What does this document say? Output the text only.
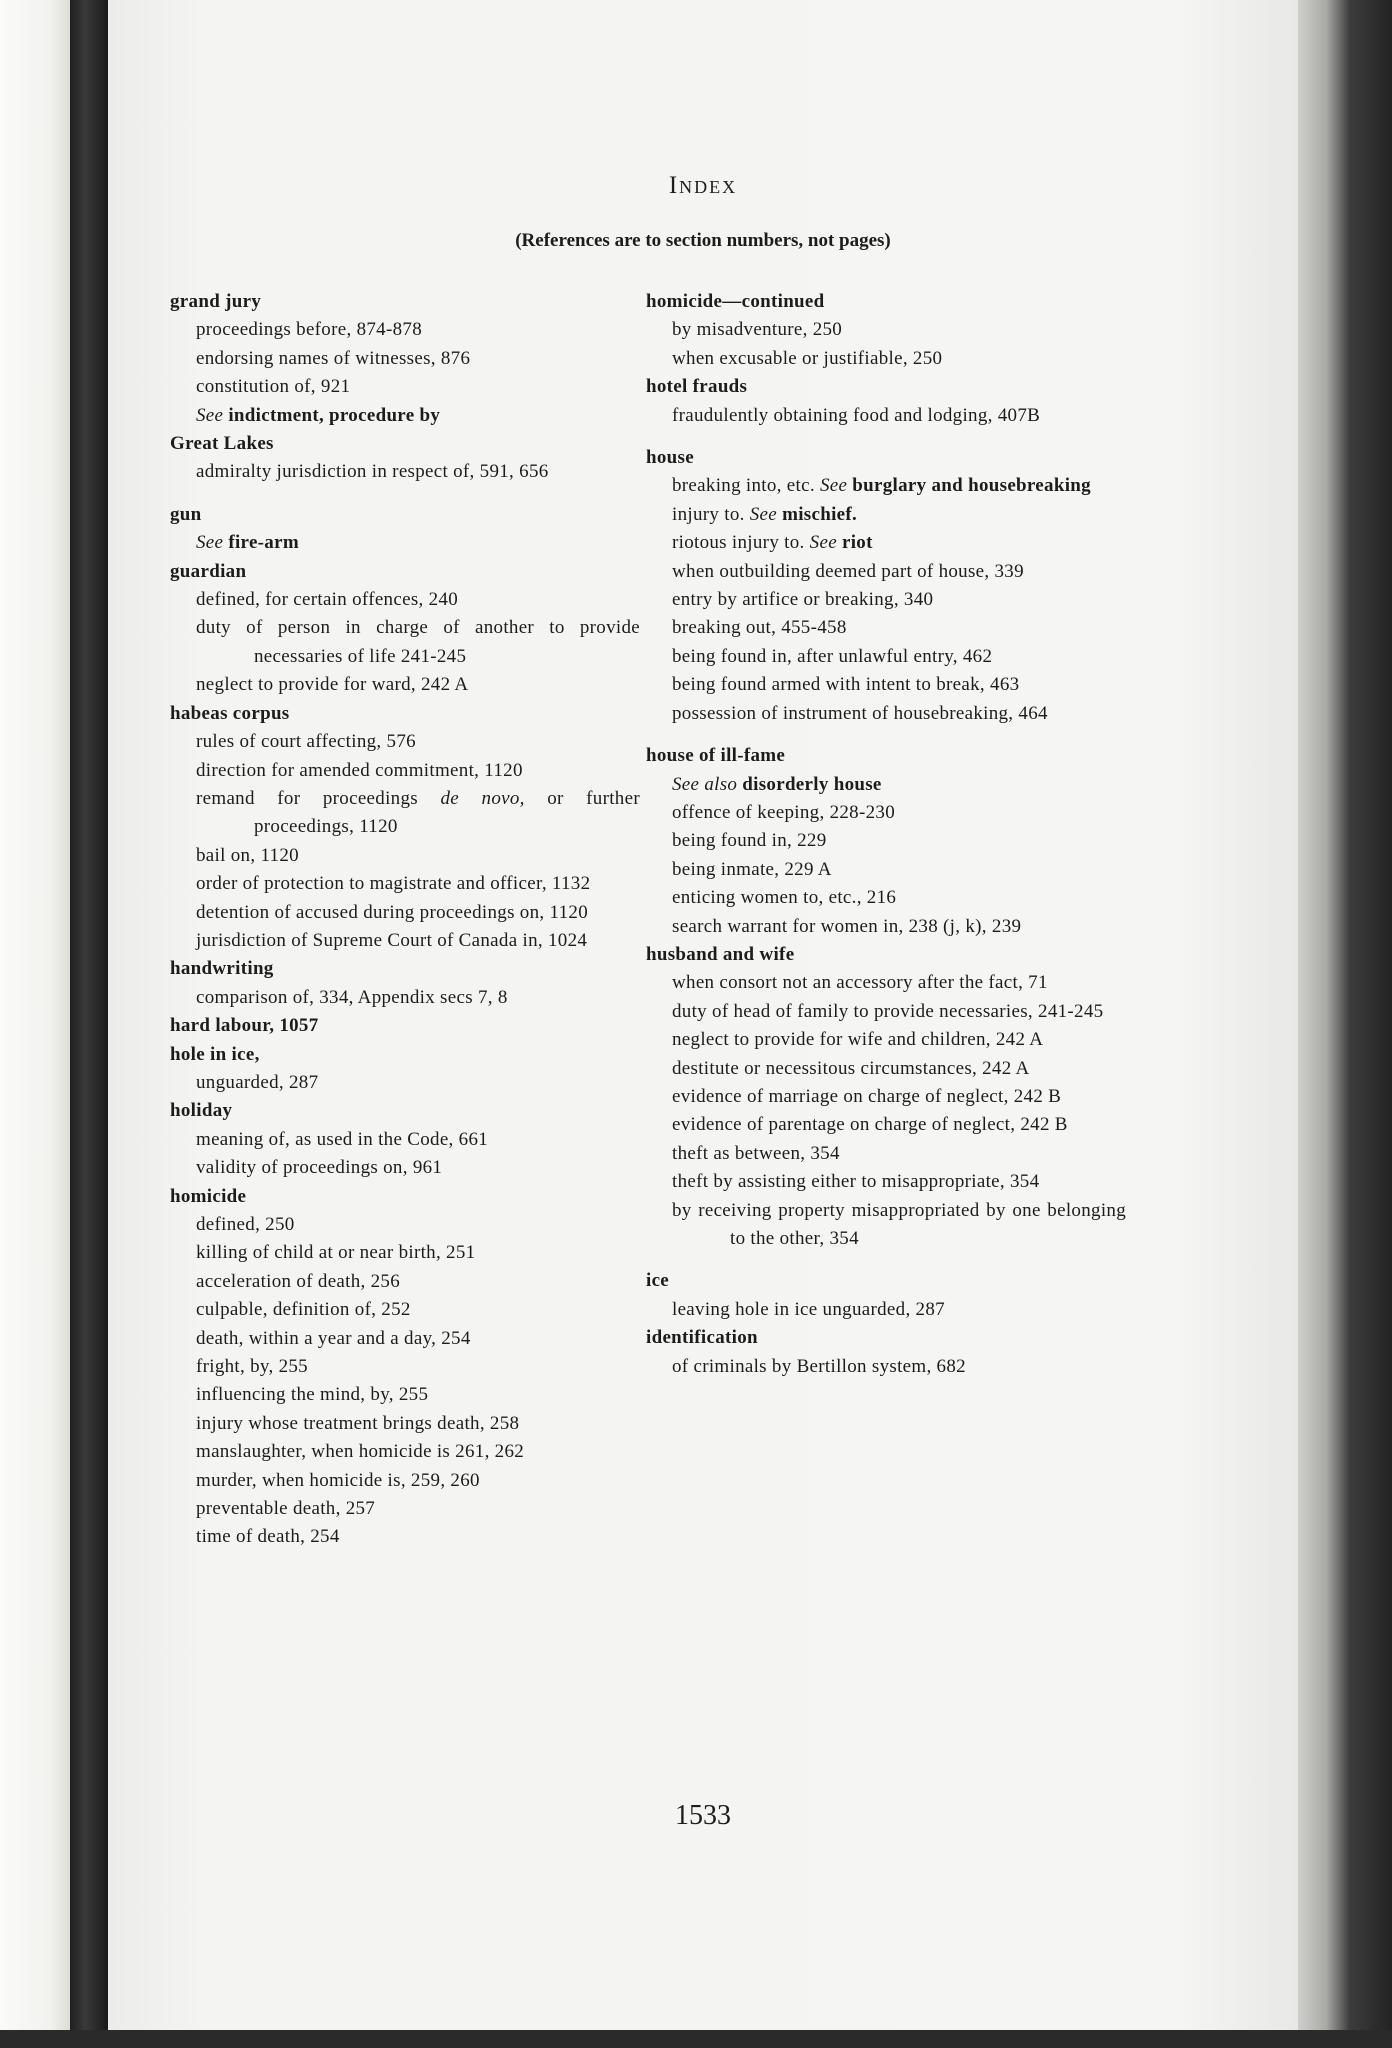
Index
(References are to section numbers, not pages)
grand jury
proceedings before, 874-878
endorsing names of witnesses, 876
constitution of, 921
See indictment, procedure by
Great Lakes
admiralty jurisdiction in respect of, 591, 656
gun
See fire-arm
guardian
defined, for certain offences, 240
duty of person in charge of another to provide necessaries of life 241-245
neglect to provide for ward, 242 A
habeas corpus
rules of court affecting, 576
direction for amended commitment, 1120
remand for proceedings de novo, or further proceedings, 1120
bail on, 1120
order of protection to magistrate and officer, 1132
detention of accused during proceedings on, 1120
jurisdiction of Supreme Court of Canada in, 1024
handwriting
comparison of, 334, Appendix secs 7, 8
hard labour, 1057
hole in ice,
unguarded, 287
holiday
meaning of, as used in the Code, 661
validity of proceedings on, 961
homicide
defined, 250
killing of child at or near birth, 251
acceleration of death, 256
culpable, definition of, 252
death, within a year and a day, 254
fright, by, 255
influencing the mind, by, 255
injury whose treatment brings death, 258
manslaughter, when homicide is 261, 262
murder, when homicide is, 259, 260
preventable death, 257
time of death, 254
homicide—continued
by misadventure, 250
when excusable or justifiable, 250
hotel frauds
fraudulently obtaining food and lodging, 407B
house
breaking into, etc. See burglary and housebreaking
injury to. See mischief.
riotous injury to. See riot
when outbuilding deemed part of house, 339
entry by artifice or breaking, 340
breaking out, 455-458
being found in, after unlawful entry, 462
being found armed with intent to break, 463
possession of instrument of housebreaking, 464
house of ill-fame
See also disorderly house
offence of keeping, 228-230
being found in, 229
being inmate, 229 A
enticing women to, etc., 216
search warrant for women in, 238 (j, k), 239
husband and wife
when consort not an accessory after the fact, 71
duty of head of family to provide necessaries, 241-245
neglect to provide for wife and children, 242 A
destitute or necessitous circumstances, 242 A
evidence of marriage on charge of neglect, 242 B
evidence of parentage on charge of neglect, 242 B
theft as between, 354
theft by assisting either to misappropriate, 354
by receiving property misappropriated by one belonging to the other, 354
ice
leaving hole in ice unguarded, 287
identification
of criminals by Bertillon system, 682
1533
